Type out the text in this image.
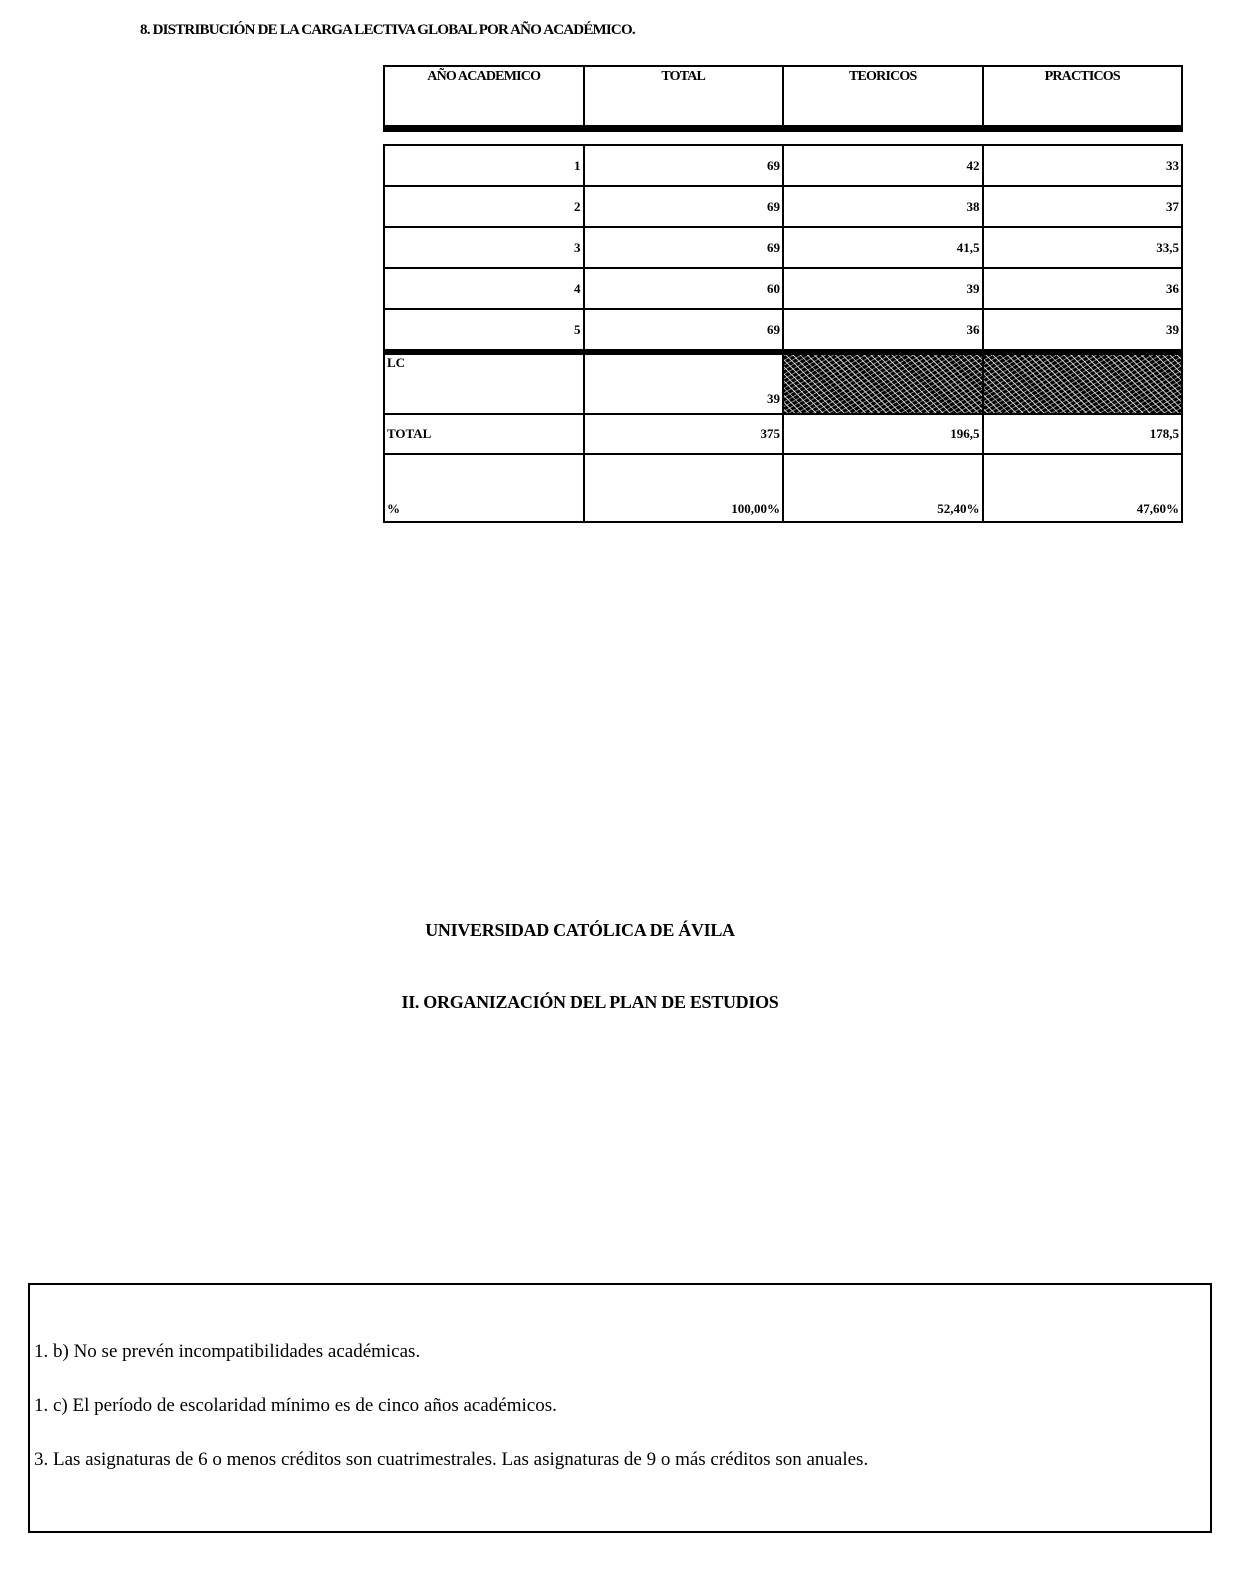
8. DISTRIBUCIÓN DE LA CARGA LECTIVA GLOBAL POR AÑO ACADÉMICO.
AÑO ACADEMICO	TOTAL	TEORICOS	PRACTICOS

1	69	42	33
2	69	38	37
3	69	41,5	33,5
4	60	39	36
5	69	36	39
LC	39		
TOTAL	375	196,5	178,5
%	100,00%	52,40%	47,60%
UNIVERSIDAD CATÓLICA DE ÁVILA
II. ORGANIZACIÓN DEL PLAN DE ESTUDIOS
1. b) No se prevén incompatibilidades académicas.
1. c) El período de escolaridad mínimo es de cinco años académicos.
3. Las asignaturas de 6 o menos créditos son cuatrimestrales. Las asignaturas de 9 o más créditos son anuales.
